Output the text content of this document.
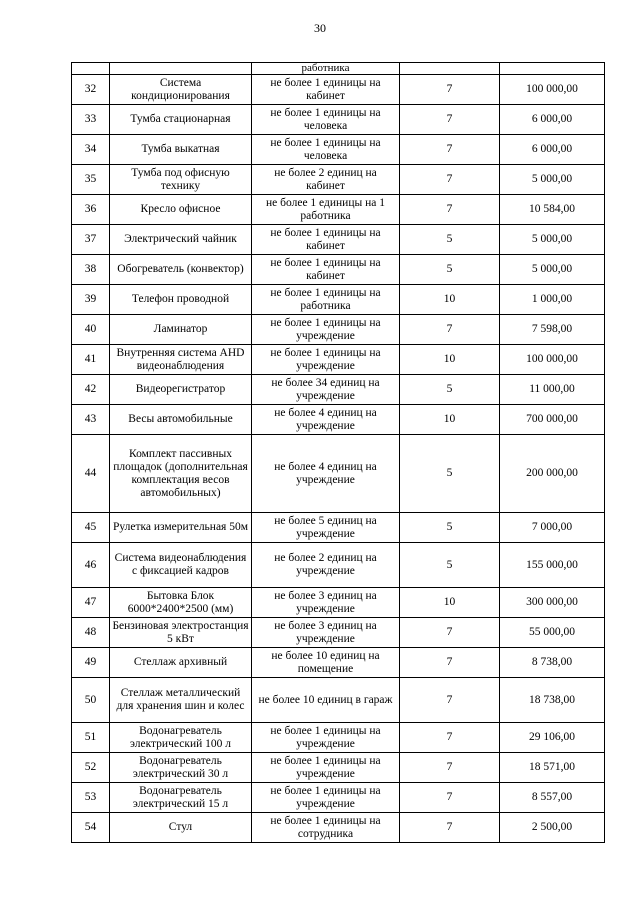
30
		работника		
32	Система кондиционирования	не более 1 единицы на кабинет	7	100 000,00
33	Тумба стационарная	не более 1 единицы на человека	7	6 000,00
34	Тумба выкатная	не более 1 единицы на человека	7	6 000,00
35	Тумба под офисную технику	не более 2 единиц на кабинет	7	5 000,00
36	Кресло офисное	не более 1 единицы на 1 работника	7	10 584,00
37	Электрический чайник	не более 1 единицы на кабинет	5	5 000,00
38	Обогреватель (конвектор)	не более 1 единицы на кабинет	5	5 000,00
39	Телефон проводной	не более 1 единицы на работника	10	1 000,00
40	Ламинатор	не более 1 единицы на учреждение	7	7 598,00
41	Внутренняя система AHD видеонаблюдения	не более 1 единицы на учреждение	10	100 000,00
42	Видеорегистратор	не более 34 единиц на учреждение	5	11 000,00
43	Весы автомобильные	не более 4 единиц на учреждение	10	700 000,00
44	Комплект пассивных площадок (дополнительная комплектация весов автомобильных)	не более 4 единиц на учреждение	5	200 000,00
45	Рулетка измерительная 50м	не более 5 единиц на учреждение	5	7 000,00
46	Система видеонаблюдения с фиксацией кадров	не более 2 единиц на учреждение	5	155 000,00
47	Бытовка Блок 6000*2400*2500 (мм)	не более 3 единиц на учреждение	10	300 000,00
48	Бензиновая электростанция 5 кВт	не более 3 единиц на учреждение	7	55 000,00
49	Стеллаж архивный	не более 10 единиц на помещение	7	8 738,00
50	Стеллаж металлический для хранения шин и колес	не более 10 единиц в гараж	7	18 738,00
51	Водонагреватель электрический 100 л	не более 1 единицы на учреждение	7	29 106,00
52	Водонагреватель электрический 30 л	не более 1 единицы на учреждение	7	18 571,00
53	Водонагреватель электрический 15 л	не более 1 единицы на учреждение	7	8 557,00
54	Стул	не более 1 единицы на сотрудника	7	2 500,00
